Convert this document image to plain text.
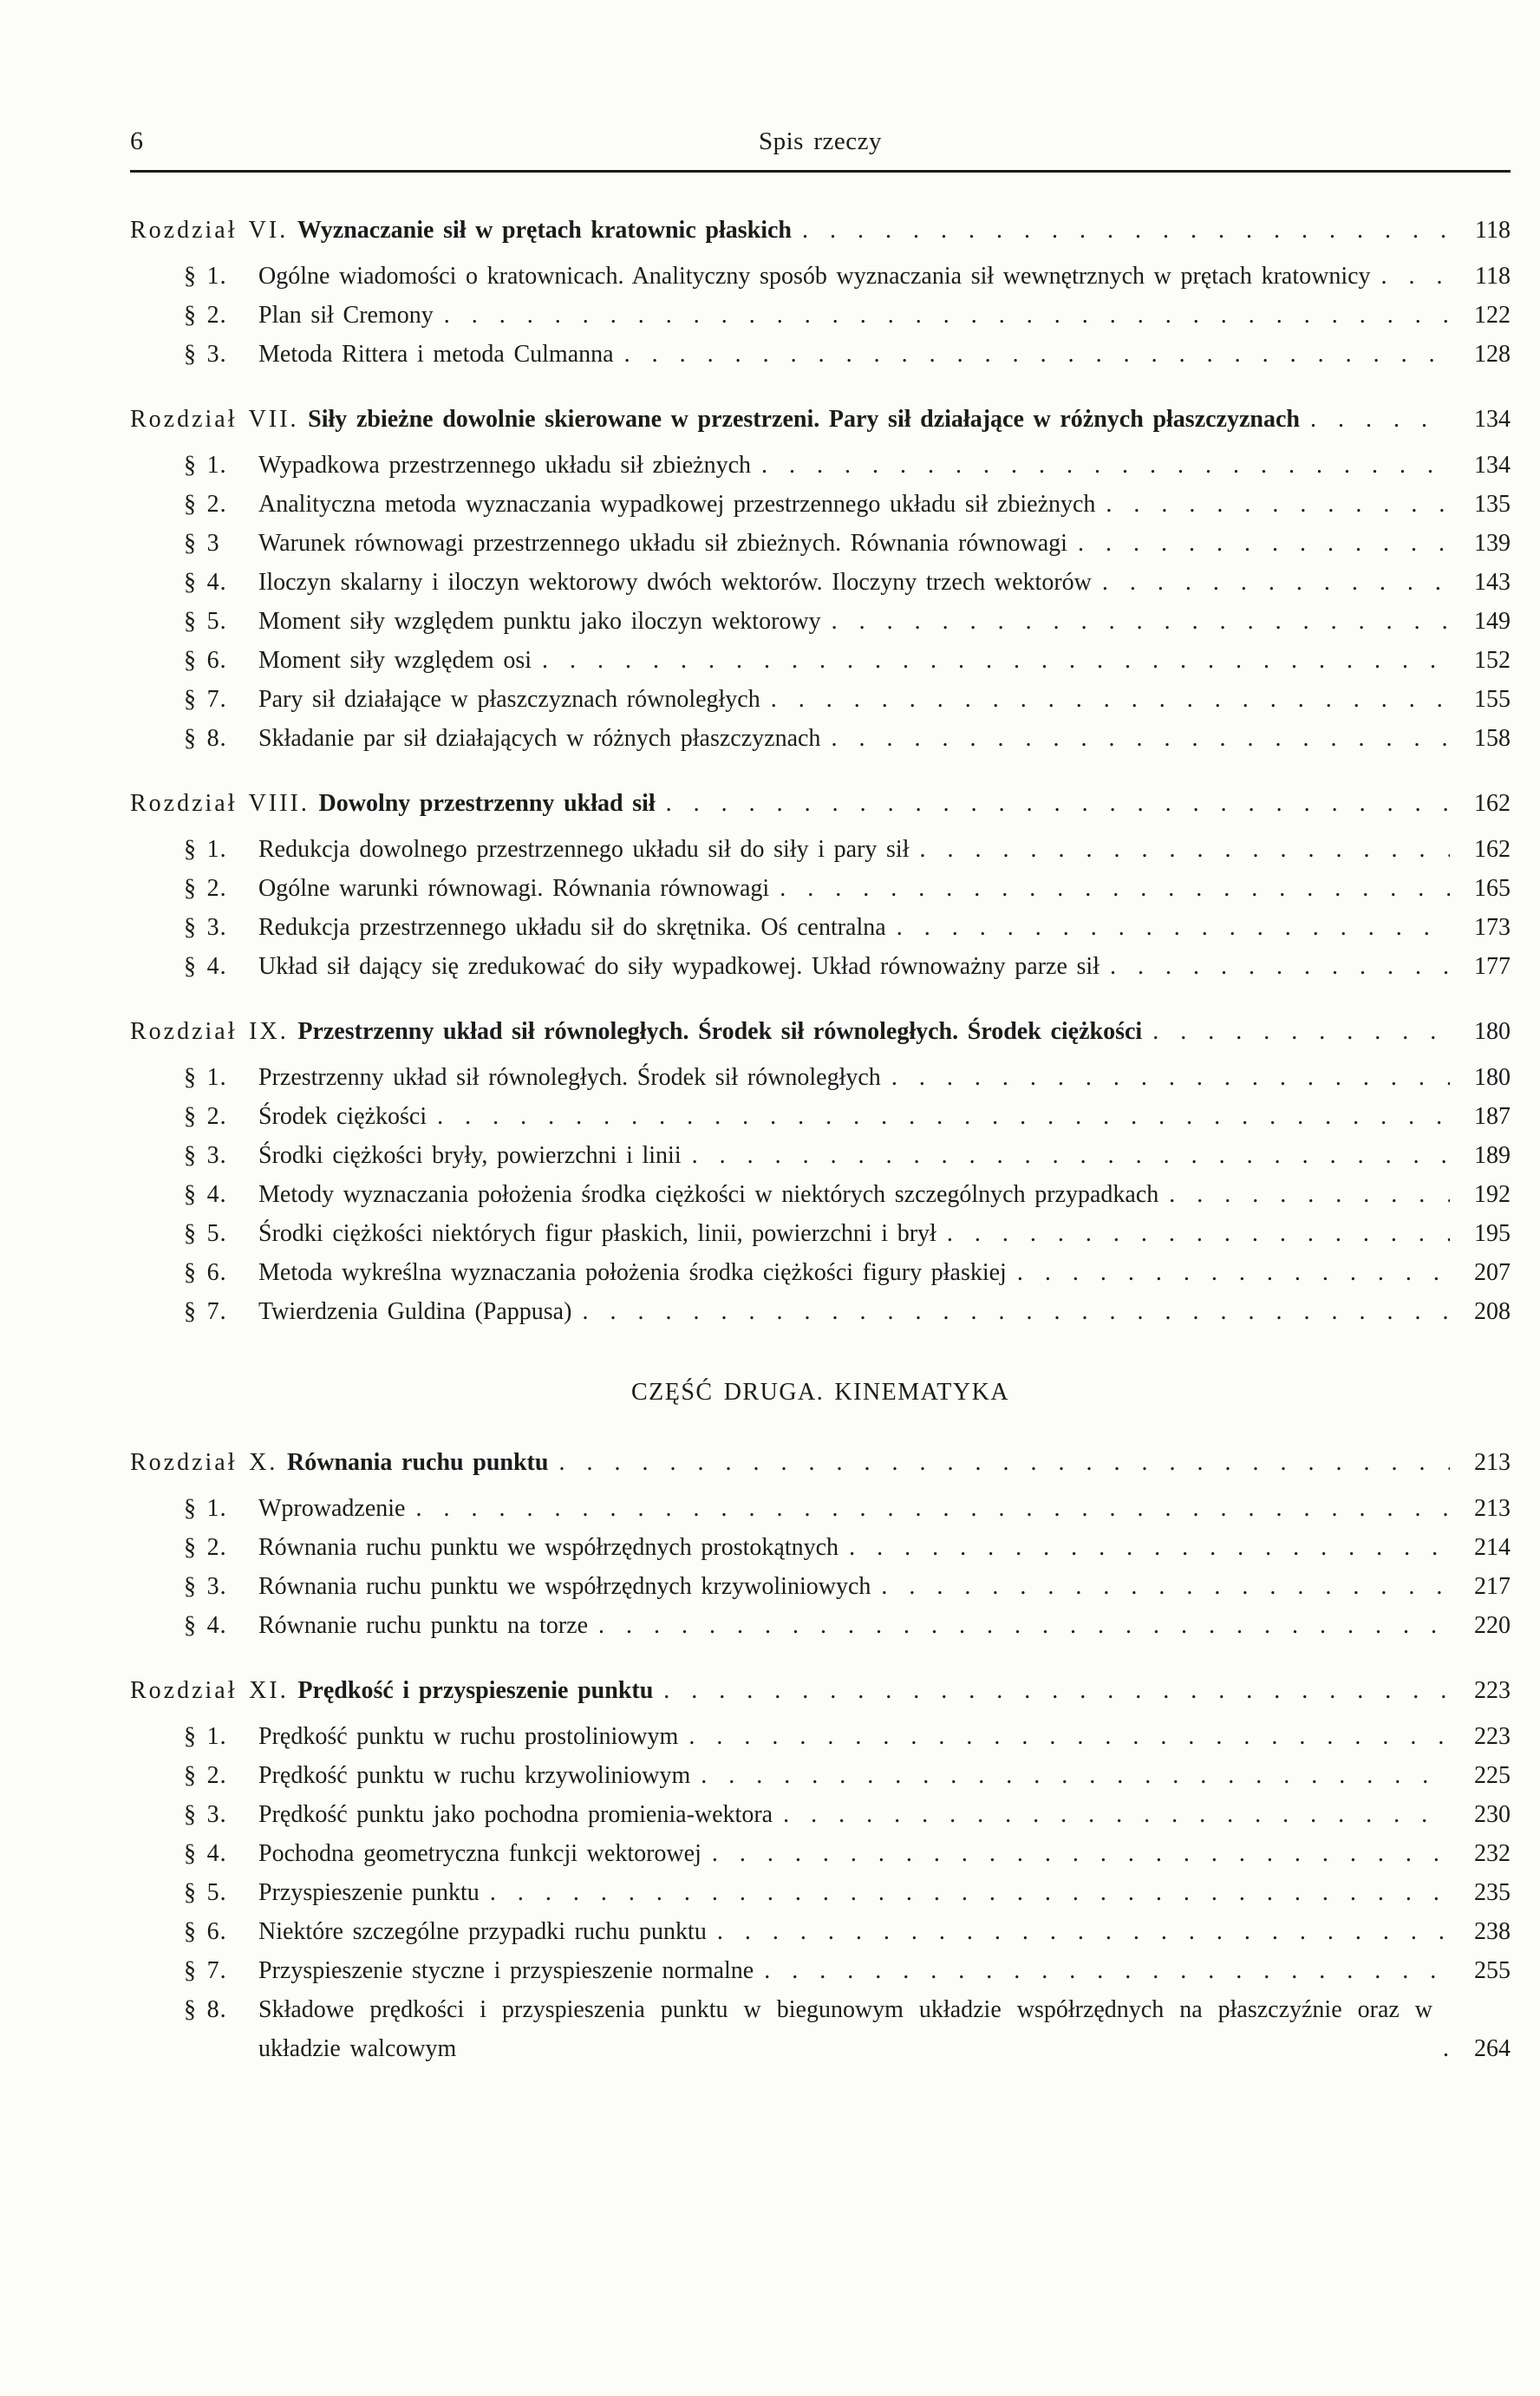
6	Spis rzeczy
Rozdział VI. Wyznaczanie sił w prętach kratownic płaskich .....	118
§ 1. Ogólne wiadomości o kratownicach. Analityczny sposób wyznaczania sił wewnętrznych w prętach kratownicy .....	118
§ 2. Plan sił Cremony .....	122
§ 3. Metoda Rittera i metoda Culmanna .....	128
Rozdział VII. Siły zbieżne dowolnie skierowane w przestrzeni. Pary sił działające w różnych płaszczyznach .....	134
§ 1. Wypadkowa przestrzennego układu sił zbieżnych .....	134
§ 2. Analityczna metoda wyznaczania wypadkowej przestrzennego układu sił zbieżnych .....	135
§ 3 Warunek równowagi przestrzennego układu sił zbieżnych. Równania równowagi .....	139
§ 4. Iloczyn skalarny i iloczyn wektorowy dwóch wektorów. Iloczyny trzech wektorów .....	143
§ 5. Moment siły względem punktu jako iloczyn wektorowy .....	149
§ 6. Moment siły względem osi .....	152
§ 7. Pary sił działające w płaszczyznach równoległych .....	155
§ 8. Składanie par sił działających w różnych płaszczyznach .....	158
Rozdział VIII. Dowolny przestrzenny układ sił .....	162
§ 1. Redukcja dowolnego przestrzennego układu sił do siły i pary sił .....	162
§ 2. Ogólne warunki równowagi. Równania równowagi .....	165
§ 3. Redukcja przestrzennego układu sił do skrętnika. Oś centralna .....	173
§ 4. Układ sił dający się zredukować do siły wypadkowej. Układ równoważny parze sił .....	177
Rozdział IX. Przestrzenny układ sił równoległych. Środek sił równoległych. Środek ciężkości .....	180
§ 1. Przestrzenny układ sił równoległych. Środek sił równoległych .....	180
§ 2. Środek ciężkości .....	187
§ 3. Środki ciężkości bryły, powierzchni i linii .....	189
§ 4. Metody wyznaczania położenia środka ciężkości w niektórych szczególnych przypadkach .....	192
§ 5. Środki ciężkości niektórych figur płaskich, linii, powierzchni i brył .....	195
§ 6. Metoda wykreślna wyznaczania położenia środka ciężkości figury płaskiej .....	207
§ 7. Twierdzenia Guldina (Pappusa) .....	208
CZĘŚĆ DRUGA. KINEMATYKA
Rozdział X. Równania ruchu punktu .....	213
§ 1. Wprowadzenie .....	213
§ 2. Równania ruchu punktu we współrzędnych prostokątnych .....	214
§ 3. Równania ruchu punktu we współrzędnych krzywoliniowych .....	217
§ 4. Równanie ruchu punktu na torze .....	220
Rozdział XI. Prędkość i przyspieszenie punktu .....	223
§ 1. Prędkość punktu w ruchu prostoliniowym .....	223
§ 2. Prędkość punktu w ruchu krzywoliniowym .....	225
§ 3. Prędkość punktu jako pochodna promienia-wektora .....	230
§ 4. Pochodna geometryczna funkcji wektorowej .....	232
§ 5. Przyspieszenie punktu .....	235
§ 6. Niektóre szczególne przypadki ruchu punktu .....	238
§ 7. Przyspieszenie styczne i przyspieszenie normalne .....	255
§ 8. Składowe prędkości i przyspieszenia punktu w biegunowym układzie współrzędnych na płaszczyźnie oraz w układzie walcowym .....	264
